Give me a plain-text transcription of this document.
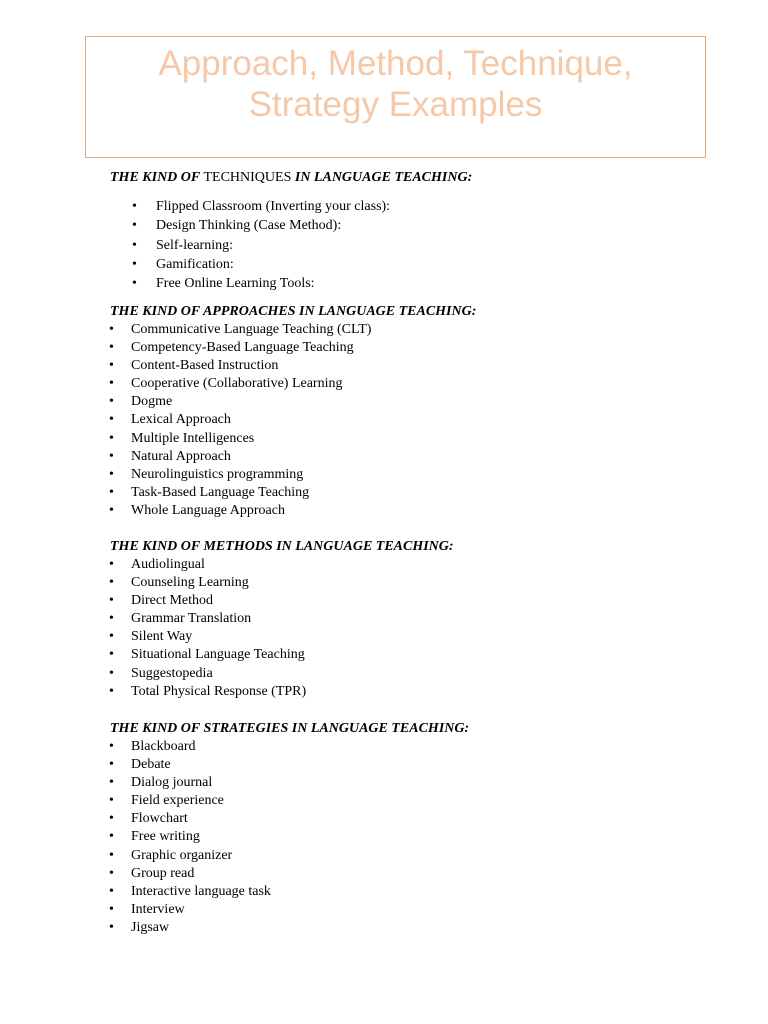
Approach, Method, Technique,
Strategy Examples
THE KIND OF TECHNIQUES IN LANGUAGE TEACHING:
• Flipped Classroom (Inverting your class):
• Design Thinking (Case Method):
• Self-learning:
• Gamification:
• Free Online Learning Tools:
THE KIND OF APPROACHES IN LANGUAGE TEACHING:
• Communicative Language Teaching (CLT)
• Competency-Based Language Teaching
• Content-Based Instruction
• Cooperative (Collaborative) Learning
• Dogme
• Lexical Approach
• Multiple Intelligences
• Natural Approach
• Neurolinguistics programming
• Task-Based Language Teaching
• Whole Language Approach
THE KIND OF METHODS IN LANGUAGE TEACHING:
• Audiolingual
• Counseling Learning
• Direct Method
• Grammar Translation
• Silent Way
• Situational Language Teaching
• Suggestopedia
• Total Physical Response (TPR)
THE KIND OF STRATEGIES IN LANGUAGE TEACHING:
• Blackboard
• Debate
• Dialog journal
• Field experience
• Flowchart
• Free writing
• Graphic organizer
• Group read
• Interactive language task
• Interview
• Jigsaw
